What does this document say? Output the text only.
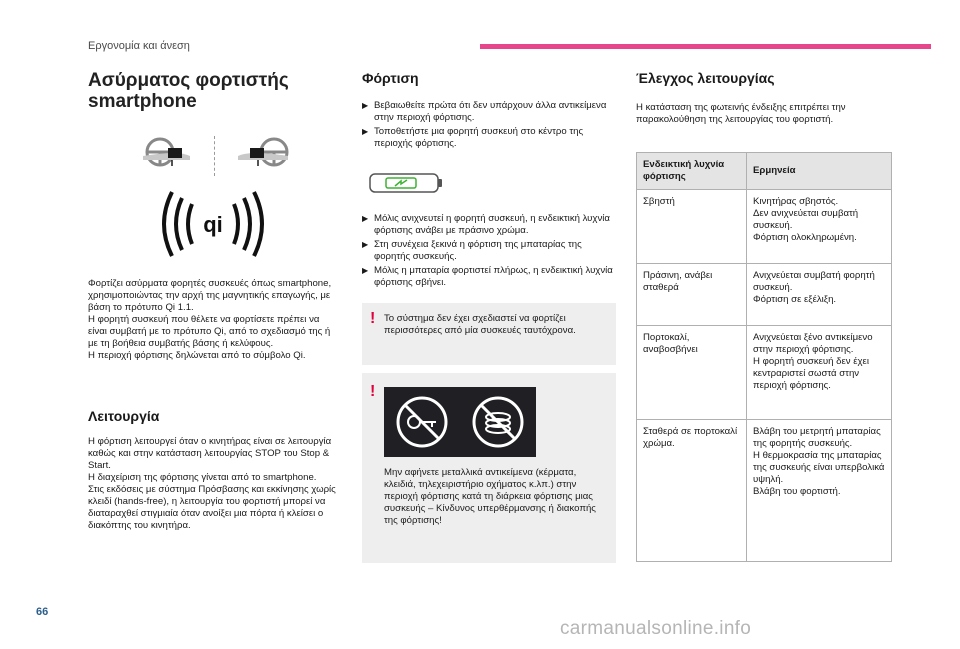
Εργονομία και άνεση
Ασύρματος φορτιστής
smartphone
qi

Φορτίζει ασύρματα φορητές συσκευές όπως smartphone, χρησιμοποιώντας την αρχή της μαγνητικής επαγωγής, με βάση το πρότυπο Qi 1.1.

Η φορητή συσκευή που θέλετε να φορτίσετε πρέπει να είναι συμβατή με το πρότυπο Qi, από το σχεδιασμό της ή με τη βοήθεια συμβατής βάσης ή κελύφους.

Η περιοχή φόρτισης δηλώνεται από το σύμβολο Qi.

Λειτουργία

Η φόρτιση λειτουργεί όταν ο κινητήρας είναι σε λειτουργία καθώς και στην κατάσταση λειτουργίας STOP του Stop & Start.

Η διαχείριση της φόρτισης γίνεται από το smartphone.

Στις εκδόσεις με σύστημα Πρόσβασης και εκκίνησης χωρίς κλειδί (hands-free), η λειτουργία του φορτιστή μπορεί να διαταραχθεί στιγμιαία όταν ανοίξει μια πόρτα ή κλείσει ο διακόπτης του κινητήρα.

Φόρτιση
▶︎ Βεβαιωθείτε πρώτα ότι δεν υπάρχουν άλλα αντικείμενα στην περιοχή φόρτισης.
▶︎ Τοποθετήστε μια φορητή συσκευή στο κέντρο της περιοχής φόρτισης.
▶︎ Μόλις ανιχνευτεί η φορητή συσκευή, η ενδεικτική λυχνία φόρτισης ανάβει με πράσινο χρώμα.
▶︎ Στη συνέχεια ξεκινά η φόρτιση της μπαταρίας της φορητής συσκευής.
▶︎ Μόλις η μπαταρία φορτιστεί πλήρως, η ενδεικτική λυχνία φόρτισης σβήνει.
! Το σύστημα δεν έχει σχεδιαστεί να φορτίζει περισσότερες από μία συσκευές ταυτόχρονα.

!

Μην αφήνετε μεταλλικά αντικείμενα (κέρματα, κλειδιά, τηλεχειριστήριο οχήματος κ.λπ.) στην περιοχή φόρτισης κατά τη διάρκεια φόρτισης μιας συσκευής – Κίνδυνος υπερθέρμανσης ή διακοπής της φόρτισης!

Έλεγχος λειτουργίας

Η κατάσταση της φωτεινής ένδειξης επιτρέπει την παρακολούθηση της λειτουργίας του φορτιστή.

Ενδεικτική λυχνία φόρτισης	Ερμηνεία
Σβηστή	Κινητήρας σβηστός.
Δεν ανιχνεύεται συμβατή συσκευή.
Φόρτιση ολοκληρωμένη.

Πράσινη, ανάβει σταθερά	Ανιχνεύεται συμβατή φορητή συσκευή.
Φόρτιση σε εξέλιξη.

Πορτοκαλί, αναβοσβήνει	Ανιχνεύεται ξένο αντικείμενο στην περιοχή φόρτισης.
Η φορητή συσκευή δεν έχει κεντραριστεί σωστά στην περιοχή φόρτισης.

Σταθερά σε πορτοκαλί χρώμα.	Βλάβη του μετρητή μπαταρίας της φορητής συσκευής.
Η θερμοκρασία της μπαταρίας της συσκευής είναι υπερβολικά υψηλή.
Βλάβη του φορτιστή.
66
carmanualsonline.info
